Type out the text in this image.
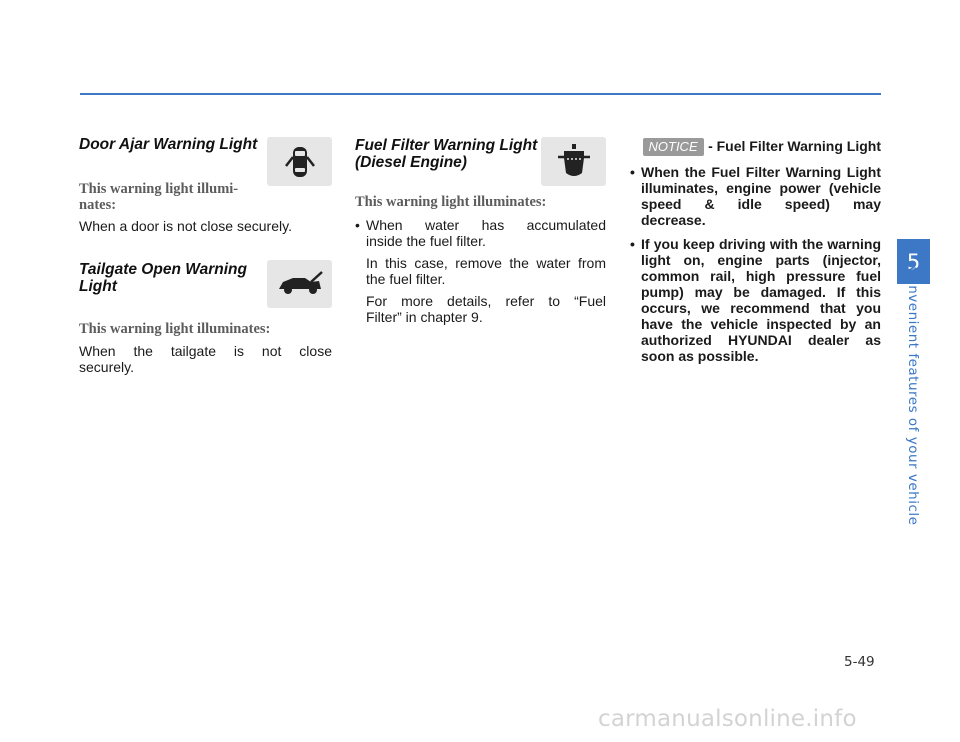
Door Ajar Warning Light

This warning light illumi-
nates:

When a door is not close securely.

Tailgate Open Warning
Light

This warning light illuminates:

When the tailgate is not close

securely.

Fuel Filter Warning Light
(Diesel Engine)

This warning light illuminates:

• When water has accumulated
inside the fuel filter.
In this case, remove the water from
the fuel filter.
For more details, refer to “Fuel
Filter” in chapter 9.
NOTICE - Fuel Filter Warning Light
• When the Fuel Filter Warning Light
illuminates, engine power (vehicle
speed & idle speed) may
decrease.
• If you keep driving with the warning
light on, engine parts (injector,
common rail, high pressure fuel
pump) may be damaged. If this
occurs, we recommend that you
have the vehicle inspected by an
authorized HYUNDAI dealer as
soon as possible.
5
Convenient features of your vehicle
5-49
carmanualsonline.info
